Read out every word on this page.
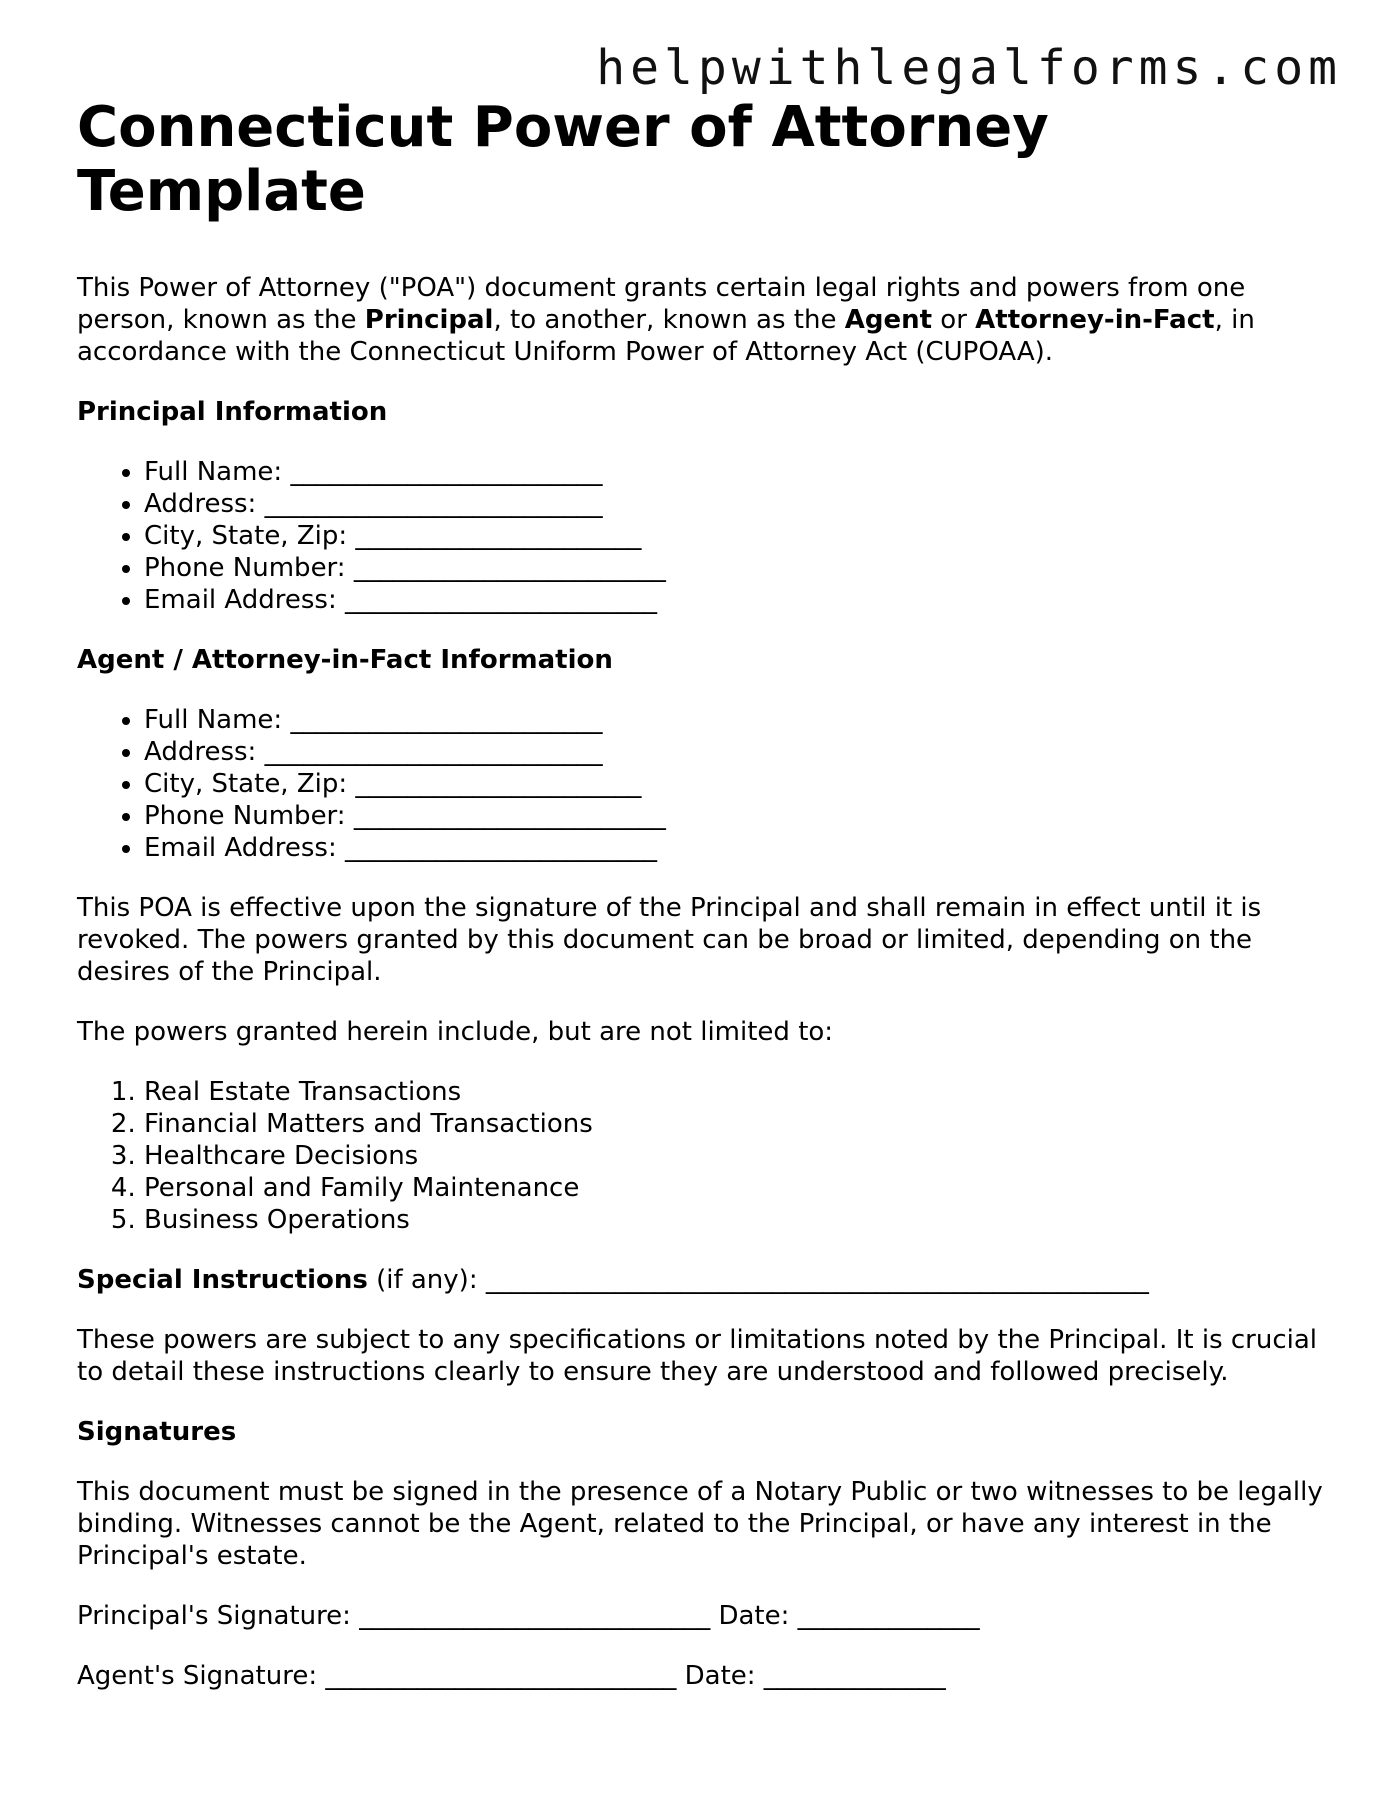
helpwithlegalforms.com
Connecticut Power of Attorney Template

This Power of Attorney ("POA") document grants certain legal rights and powers from one person, known as the Principal, to another, known as the Agent or Attorney-in-Fact, in accordance with the Connecticut Uniform Power of Attorney Act (CUPOAA).

Principal Information

• Full Name: ________________________
• Address: __________________________
• City, State, Zip: ______________________
• Phone Number: ________________________
• Email Address: ________________________

Agent / Attorney-in-Fact Information

• Full Name: ________________________
• Address: __________________________
• City, State, Zip: ______________________
• Phone Number: ________________________
• Email Address: ________________________

This POA is effective upon the signature of the Principal and shall remain in effect until it is revoked. The powers granted by this document can be broad or limited, depending on the desires of the Principal.

The powers granted herein include, but are not limited to:

1. Real Estate Transactions
2. Financial Matters and Transactions
3. Healthcare Decisions
4. Personal and Family Maintenance
5. Business Operations

Special Instructions (if any): ___________________________________________________

These powers are subject to any specifications or limitations noted by the Principal. It is crucial to detail these instructions clearly to ensure they are understood and followed precisely.

Signatures

This document must be signed in the presence of a Notary Public or two witnesses to be legally binding. Witnesses cannot be the Agent, related to the Principal, or have any interest in the Principal's estate.

Principal's Signature: ___________________________ Date: ______________

Agent's Signature: ___________________________ Date: ______________
